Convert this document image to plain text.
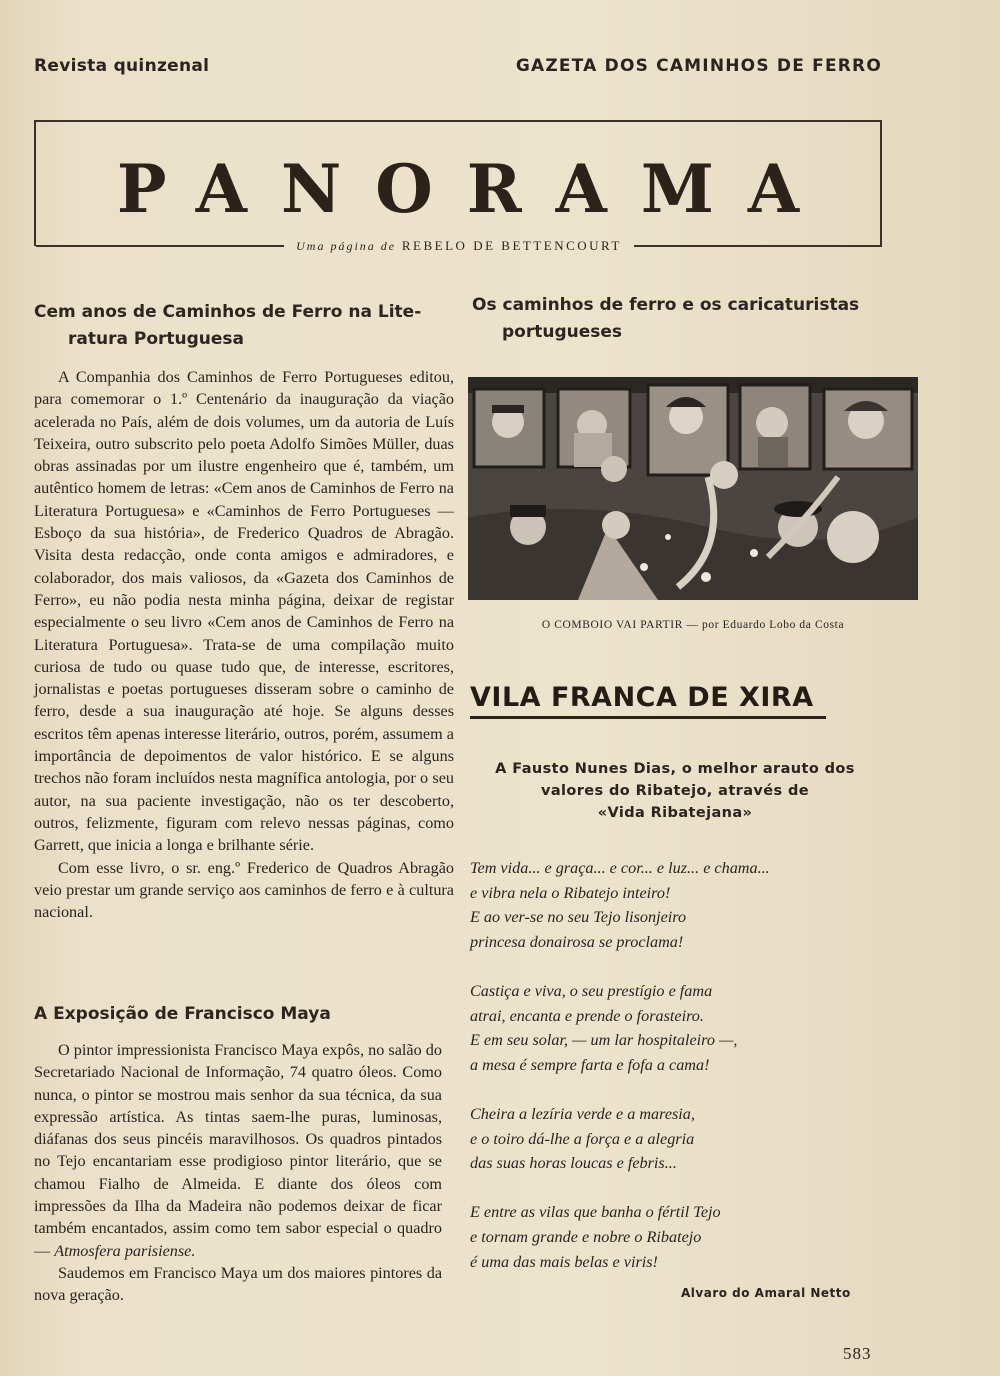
Revista quinzenal	GAZETA DOS CAMINHOS DE FERRO
PANORAMA
Uma página de REBELO DE BETTENCOURT
Cem anos de Caminhos de Ferro na Lite-
ratura Portuguesa

A Companhia dos Caminhos de Ferro Portugueses editou, para comemorar o 1.º Centenário da inauguração da viação acelerada no País, além de dois volumes, um da autoria de Luís Teixeira, outro subscrito pelo poeta Adolfo Simões Müller, duas obras assinadas por um ilustre engenheiro que é, também, um autêntico homem de letras: «Cem anos de Caminhos de Ferro na Literatura Portuguesa» e «Caminhos de Ferro Portugueses — Esboço da sua história», de Frederico Quadros de Abragão. Visita desta redacção, onde conta amigos e admiradores, e colaborador, dos mais valiosos, da «Gazeta dos Caminhos de Ferro», eu não podia nesta minha página, deixar de registar especialmente o seu livro «Cem anos de Caminhos de Ferro na Literatura Portuguesa». Trata-se de uma compilação muito curiosa de tudo ou quase tudo que, de interesse, escritores, jornalistas e poetas portugueses disseram sobre o caminho de ferro, desde a sua inauguração até hoje. Se alguns desses escritos têm apenas interesse literário, outros, porém, assumem a importância de depoimentos de valor histórico. E se alguns trechos não foram incluídos nesta magnífica antologia, por o seu autor, na sua paciente investigação, não os ter descoberto, outros, felizmente, figuram com relevo nessas páginas, como Garrett, que inicia a longa e brilhante série.

Com esse livro, o sr. eng.º Frederico de Quadros Abragão veio prestar um grande serviço aos caminhos de ferro e à cultura nacional.

A Exposição de Francisco Maya

O pintor impressionista Francisco Maya expôs, no salão do Secretariado Nacional de Informação, 74 quatro óleos. Como nunca, o pintor se mostrou mais senhor da sua técnica, da sua expressão artística. As tintas saem-lhe puras, luminosas, diáfanas dos seus pincéis maravilhosos. Os quadros pintados no Tejo encantariam esse prodigioso pintor literário, que se chamou Fialho de Almeida. E diante dos óleos com impressões da Ilha da Madeira não podemos deixar de ficar também encantados, assim como tem sabor especial o quadro — Atmosfera parisiense.

Saudemos em Francisco Maya um dos maiores pintores da nova geração.

Os caminhos de ferro e os caricaturistas
portugueses
O COMBOIO VAI PARTIR — por Eduardo Lobo da Costa
VILA FRANCA DE XIRA
A Fausto Nunes Dias, o melhor arauto dos
valores do Ribatejo, através de
«Vida Ribatejana»
Tem vida... e graça... e cor... e luz... e chama...
e vibra nela o Ribatejo inteiro!
E ao ver-se no seu Tejo lisonjeiro
princesa donairosa se proclama!
Castiça e viva, o seu prestígio e fama
atrai, encanta e prende o forasteiro.
E em seu solar, — um lar hospitaleiro —,
a mesa é sempre farta e fofa a cama!
Cheira a lezíria verde e a maresia,
e o toiro dá-lhe a força e a alegria
das suas horas loucas e febris...
E entre as vilas que banha o fértil Tejo
e tornam grande e nobre o Ribatejo
é uma das mais belas e viris!
Alvaro do Amaral Netto
583
